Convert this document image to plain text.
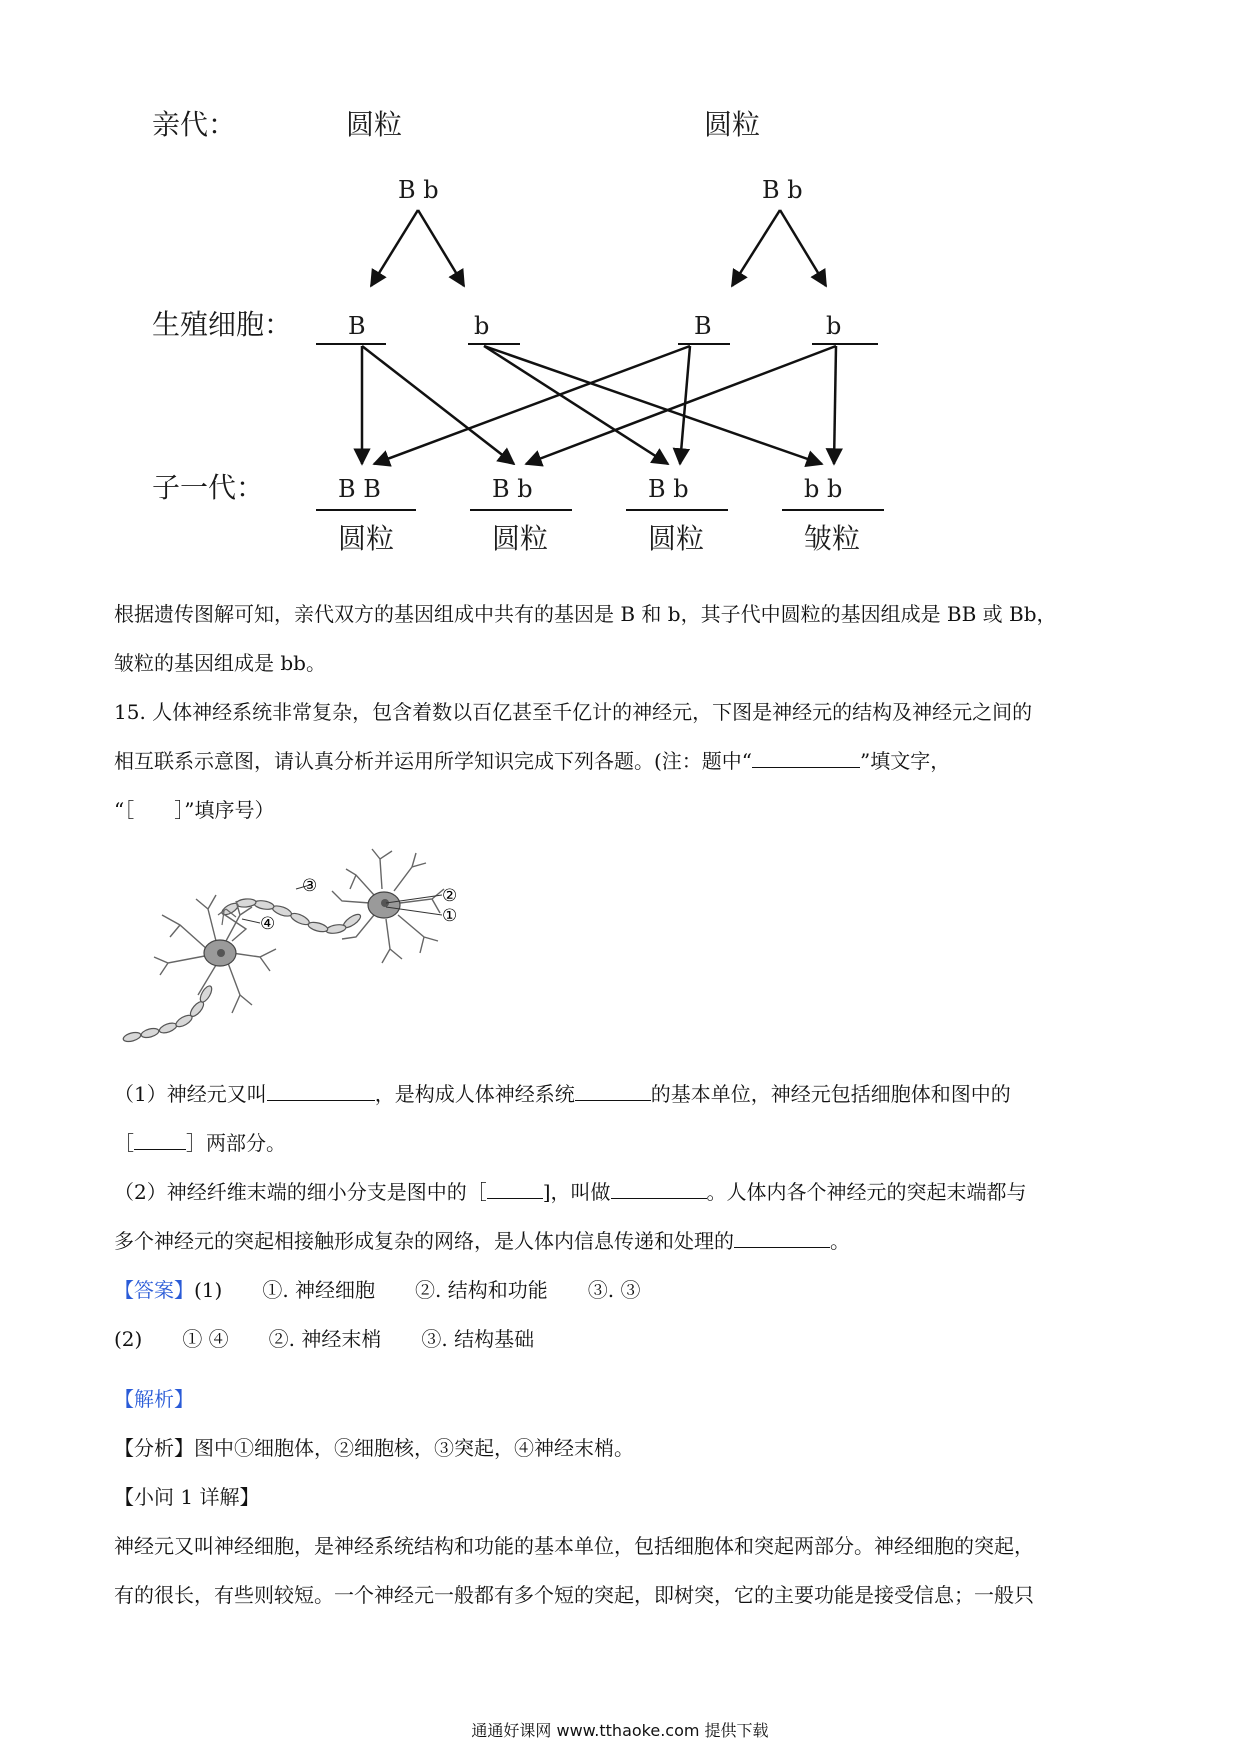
亲代：
生殖细胞：
子一代：
圆粒	圆粒
B b	B b
B	b	B	b
B B	B b	B b	b b
圆粒	圆粒	圆粒	皱粒
根据遗传图解可知，亲代双方的基因组成中共有的基因是 B 和 b，其子代中圆粒的基因组成是 BB 或 Bb，
皱粒的基因组成是 bb。
15. 人体神经系统非常复杂，包含着数以百亿甚至千亿计的神经元，下图是神经元的结构及神经元之间的
相互联系示意图，请认真分析并运用所学知识完成下列各题。(注：题中“	”填文字，
“［　　］”填序号）
②
①
③
④
（1）神经元又叫	，是构成人体神经系统	的基本单位，神经元包括细胞体和图中的
［	］两部分。
（2）神经纤维末端的细小分支是图中的［	]，叫做	。人体内各个神经元的突起末端都与
多个神经元的突起相接触形成复杂的网络，是人体内信息传递和处理的	。
【答案】(1)　　①. 神经细胞　　②. 结构和功能　　③. ③
(2)　　① ④　　②. 神经末梢　　③. 结构基础
【解析】
【分析】图中①细胞体，②细胞核，③突起，④神经末梢。
【小问 1 详解】
神经元又叫神经细胞，是神经系统结构和功能的基本单位，包括细胞体和突起两部分。神经细胞的突起，
有的很长，有些则较短。一个神经元一般都有多个短的突起，即树突，它的主要功能是接受信息；一般只
通通好课网 www.tthaoke.com 提供下载
